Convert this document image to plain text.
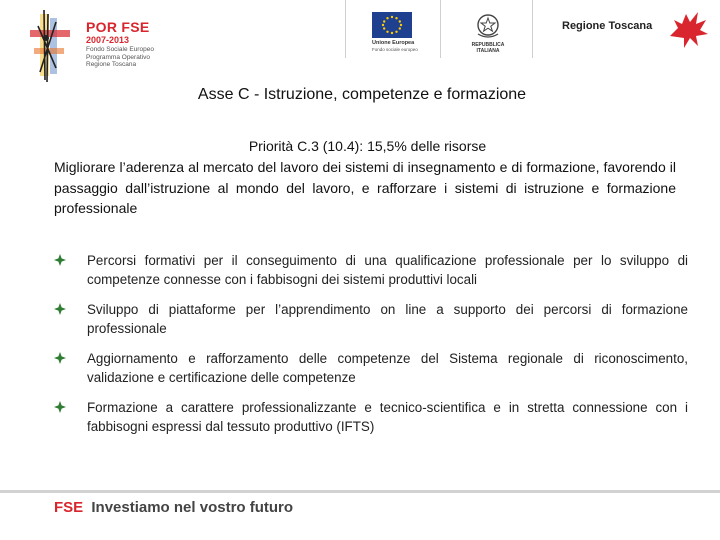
POR FSE
2007-2013
Fondo Sociale Europeo
Programma Operativo
Regione Toscana
Unione Europea
Fondo sociale europeo
REPUBBLICA ITALIANA
Regione Toscana
Asse C - Istruzione, competenze e formazione
Priorità C.3 (10.4): 15,5% delle risorse
Migliorare l’aderenza al mercato del lavoro dei sistemi di insegnamento e di formazione, favorendo il passaggio dall’istruzione al mondo del lavoro, e rafforzare i sistemi di istruzione e formazione professionale
Percorsi formativi per il conseguimento di una qualificazione professionale per lo sviluppo di competenze connesse con i fabbisogni dei sistemi produttivi locali
Sviluppo di piattaforme per l’apprendimento on line a supporto dei percorsi di formazione professionale
Aggiornamento e rafforzamento delle competenze del Sistema regionale di riconoscimento, validazione e certificazione delle competenze
Formazione a carattere professionalizzante e tecnico-scientifica e in stretta connessione con i fabbisogni espressi dal tessuto produttivo (IFTS)
FSE Investiamo nel vostro futuro
